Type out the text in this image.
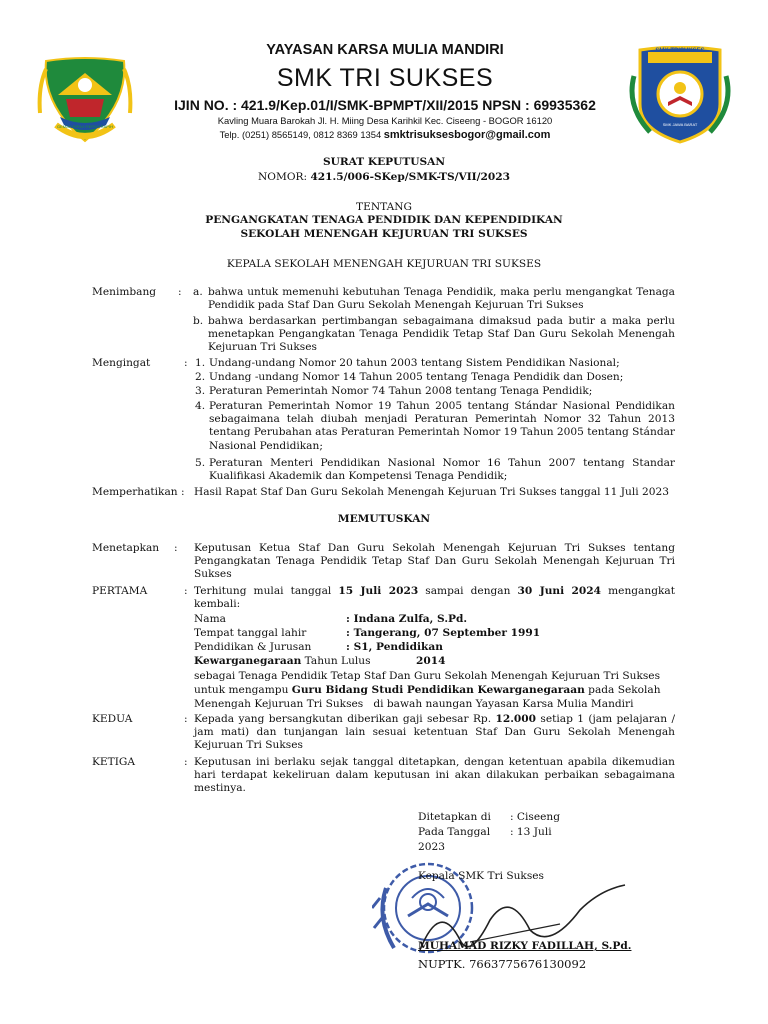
GEMAH RIPAH REPEH RAPIH
YAYASAN KARSA MULIA MANDIRI
SMK TRI SUKSES
IJIN NO. : 421.9/Kep.01/I/SMK-BPMPT/XII/2015 NPSN : 69935362
Kavling Muara Barokah Jl. H. Miing Desa Karihkil Kec. Ciseeng - BOGOR 16120
Telp. (0251) 8565149, 0812 8369 1354 smktrisuksesbogor@gmail.com
SMK TRISUKSES
SMK JAWA BARAT
SURAT KEPUTUSAN
NOMOR: 421.5/006-SKep/SMK-TS/VII/2023
TENTANG
PENGANGKATAN TENAGA PENDIDIK DAN KEPENDIDIKAN
SEKOLAH MENENGAH KEJURUAN TRI SUKSES
KEPALA SEKOLAH MENENGAH KEJURUAN TRI SUKSES
Menimbang : a. bahwa untuk memenuhi kebutuhan Tenaga Pendidik, maka perlu mengangkat Tenaga Pendidik pada Staf Dan Guru Sekolah Menengah Kejuruan Tri Sukses
b. bahwa berdasarkan pertimbangan sebagaimana dimaksud pada butir a maka perlu menetapkan Pengangkatan Tenaga Pendidik Tetap Staf Dan Guru Sekolah Menengah Kejuruan Tri Sukses
Mengingat	: 1. Undang-undang Nomor 20 tahun 2003 tentang Sistem Pendidikan Nasional;
2. Undang -undang Nomor 14 Tahun 2005 tentang Tenaga Pendidik dan Dosen;
3. Peraturan Pemerintah Nomor 74 Tahun 2008 tentang Tenaga Pendidik;
4. Peraturan Pemerintah Nomor 19 Tahun 2005 tentang Stándar Nasional Pendidikan sebagaimana telah diubah menjadi Peraturan Pemerintah Nomor 32 Tahun 2013 tentang Perubahan atas Peraturan Pemerintah Nomor 19 Tahun 2005 tentang Stándar Nasional Pendidikan;
5. Peraturan Menteri Pendidikan Nasional Nomor 16 Tahun 2007 tentang Standar Kualifikasi Akademik dan Kompetensi Tenaga Pendidik;
Memperhatikan : Hasil Rapat Staf Dan Guru Sekolah Menengah Kejuruan Tri Sukses tanggal 11 Juli 2023
MEMUTUSKAN
Menetapkan : Keputusan Ketua Staf Dan Guru Sekolah Menengah Kejuruan Tri Sukses tentang Pengangkatan Tenaga Pendidik Tetap Staf Dan Guru Sekolah Menengah Kejuruan Tri Sukses
PERTAMA	: Terhitung mulai tanggal 15 Juli 2023 sampai dengan 30 Juni 2024 mengangkat kembali:
Nama	: Indana Zulfa, S.Pd.
Tempat tanggal lahir	: Tangerang, 07 September 1991
Pendidikan & Jurusan	: S1, Pendidikan
Kewarganegaraan Tahun Lulus	2014
sebagai Tenaga Pendidik Tetap Staf Dan Guru Sekolah Menengah Kejuruan Tri Sukses
untuk mengampu Guru Bidang Studi Pendidikan Kewarganegaraan pada Sekolah
Menengah Kejuruan Tri Sukses   di bawah naungan Yayasan Karsa Mulia Mandiri
KEDUA	: Kepada yang bersangkutan diberikan gaji sebesar Rp. 12.000 setiap 1 (jam pelajaran / jam mati) dan tunjangan lain sesuai ketentuan Staf Dan Guru Sekolah Menengah Kejuruan Tri Sukses
KETIGA	: Keputusan ini berlaku sejak tanggal ditetapkan, dengan ketentuan apabila dikemudian hari terdapat kekeliruan dalam keputusan ini akan dilakukan perbaikan sebagaimana mestinya.
Ditetapkan di : Ciseeng
Pada Tanggal : 13 Juli
2023
Kepala SMK Tri Sukses
MUHAMAD RIZKY FADILLAH, S.Pd.
NUPTK. 7663775676130092
